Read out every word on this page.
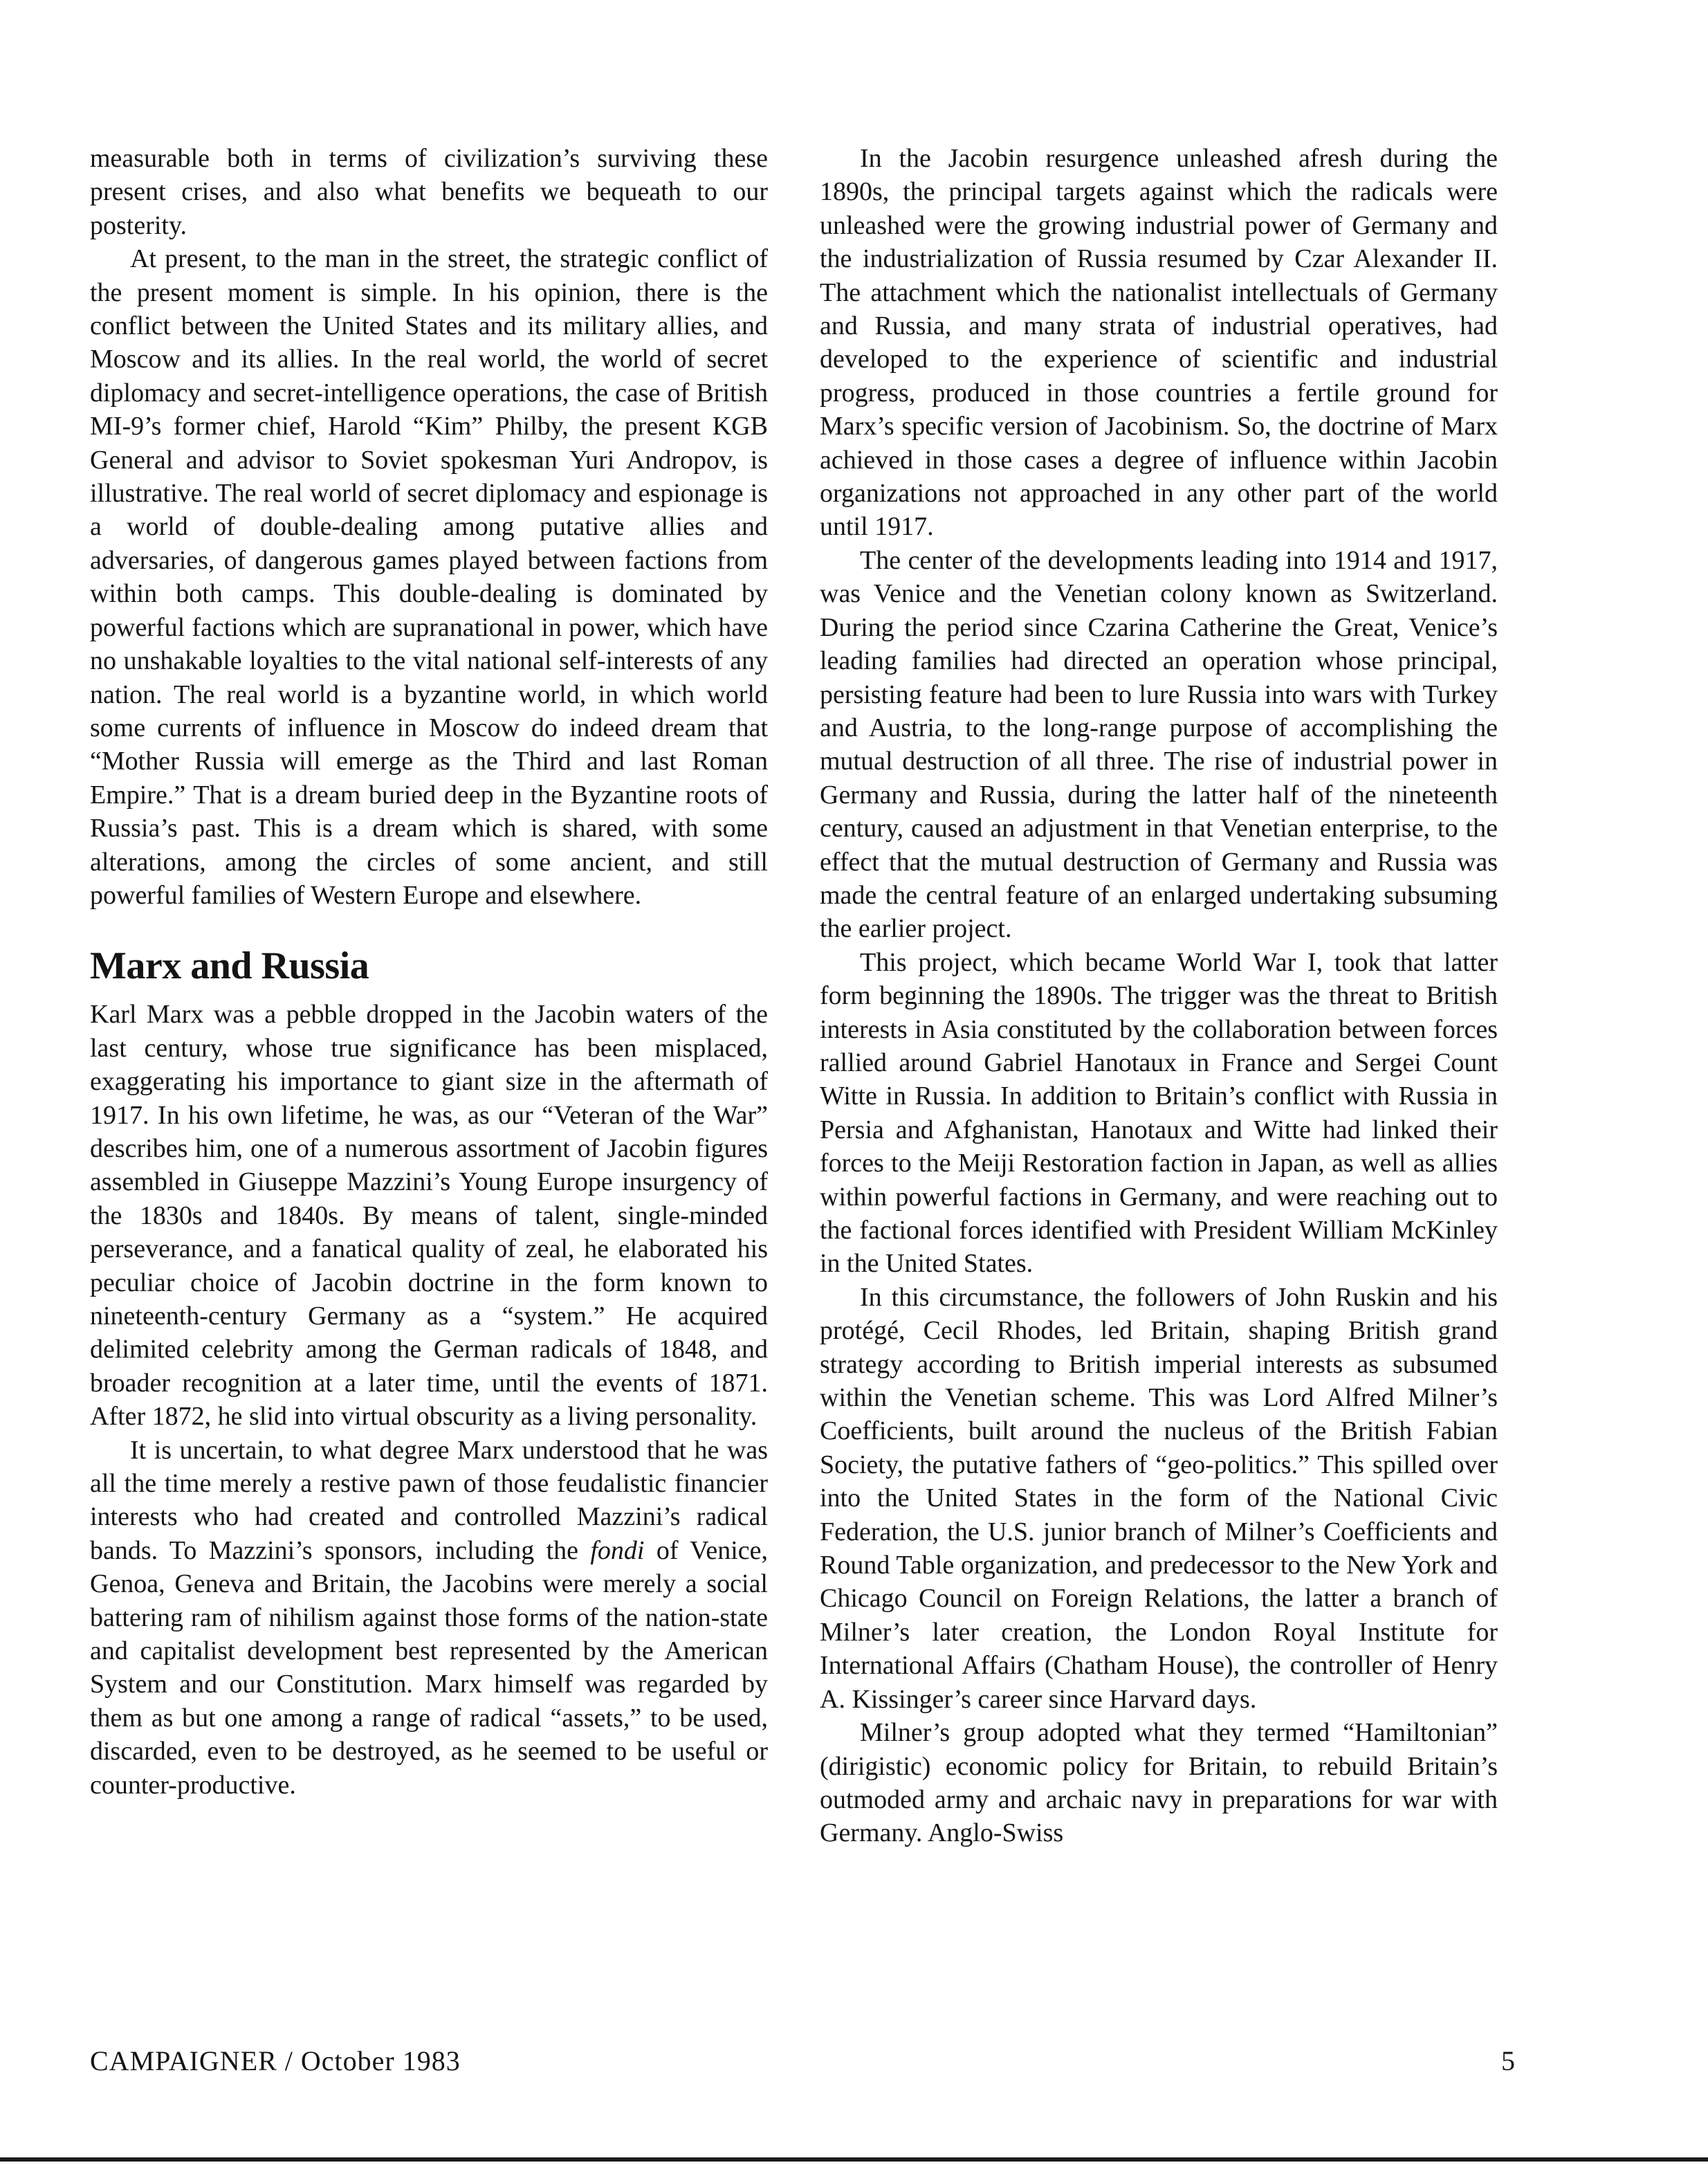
measurable both in terms of civilization’s surviving these present crises, and also what benefits we bequeath to our posterity.

At present, to the man in the street, the strategic conflict of the present moment is simple. In his opinion, there is the conflict between the United States and its military allies, and Moscow and its allies. In the real world, the world of secret diplomacy and secret-intelligence operations, the case of British MI-9’s former chief, Harold “Kim” Philby, the present KGB General and advisor to Soviet spokesman Yuri Andropov, is illustrative. The real world of secret diplomacy and espionage is a world of double-dealing among putative allies and adversaries, of dangerous games played between factions from within both camps. This double-dealing is dominated by powerful factions which are supranational in power, which have no unshakable loyalties to the vital national self-interests of any nation. The real world is a byzantine world, in which world some currents of influence in Moscow do indeed dream that “Mother Russia will emerge as the Third and last Roman Empire.” That is a dream buried deep in the Byzantine roots of Russia’s past. This is a dream which is shared, with some alterations, among the circles of some ancient, and still powerful families of Western Europe and elsewhere.

Marx and Russia

Karl Marx was a pebble dropped in the Jacobin waters of the last century, whose true significance has been misplaced, exaggerating his importance to giant size in the aftermath of 1917. In his own lifetime, he was, as our “Veteran of the War” describes him, one of a numerous assortment of Jacobin figures assembled in Giuseppe Mazzini’s Young Europe insurgency of the 1830s and 1840s. By means of talent, single-minded perseverance, and a fanatical quality of zeal, he elaborated his peculiar choice of Jacobin doctrine in the form known to nineteenth-century Germany as a “system.” He acquired delimited celebrity among the German radicals of 1848, and broader recognition at a later time, until the events of 1871. After 1872, he slid into virtual obscurity as a living personality.

It is uncertain, to what degree Marx understood that he was all the time merely a restive pawn of those feudalistic financier interests who had created and controlled Mazzini’s radical bands. To Mazzini’s sponsors, including the fondi of Venice, Genoa, Geneva and Britain, the Jacobins were merely a social battering ram of nihilism against those forms of the nation-state and capitalist development best represented by the American System and our Constitution. Marx himself was regarded by them as but one among a range of radical “assets,” to be used, discarded, even to be destroyed, as he seemed to be useful or counter-productive.

In the Jacobin resurgence unleashed afresh during the 1890s, the principal targets against which the radicals were unleashed were the growing industrial power of Germany and the industrialization of Russia resumed by Czar Alexander II. The attachment which the nationalist intellectuals of Germany and Russia, and many strata of industrial operatives, had developed to the experience of scientific and industrial progress, produced in those countries a fertile ground for Marx’s specific version of Jacobinism. So, the doctrine of Marx achieved in those cases a degree of influence within Jacobin organizations not approached in any other part of the world until 1917.

The center of the developments leading into 1914 and 1917, was Venice and the Venetian colony known as Switzerland. During the period since Czarina Catherine the Great, Venice’s leading families had directed an operation whose principal, persisting feature had been to lure Russia into wars with Turkey and Austria, to the long-range purpose of accomplishing the mutual destruction of all three. The rise of industrial power in Germany and Russia, during the latter half of the nineteenth century, caused an adjustment in that Venetian enterprise, to the effect that the mutual destruction of Germany and Russia was made the central feature of an enlarged undertaking subsuming the earlier project.

This project, which became World War I, took that latter form beginning the 1890s. The trigger was the threat to British interests in Asia constituted by the collaboration between forces rallied around Gabriel Hanotaux in France and Sergei Count Witte in Russia. In addition to Britain’s conflict with Russia in Persia and Afghanistan, Hanotaux and Witte had linked their forces to the Meiji Restoration faction in Japan, as well as allies within powerful factions in Germany, and were reaching out to the factional forces identified with President William McKinley in the United States.

In this circumstance, the followers of John Ruskin and his protégé, Cecil Rhodes, led Britain, shaping British grand strategy according to British imperial interests as subsumed within the Venetian scheme. This was Lord Alfred Milner’s Coefficients, built around the nucleus of the British Fabian Society, the putative fathers of “geo-politics.” This spilled over into the United States in the form of the National Civic Federation, the U.S. junior branch of Milner’s Coefficients and Round Table organization, and predecessor to the New York and Chicago Council on Foreign Relations, the latter a branch of Milner’s later creation, the London Royal Institute for International Affairs (Chatham House), the controller of Henry A. Kissinger’s career since Harvard days.

Milner’s group adopted what they termed “Hamiltonian” (dirigistic) economic policy for Britain, to rebuild Britain’s outmoded army and archaic navy in preparations for war with Germany. Anglo-Swiss

CAMPAIGNER / October 1983	5
